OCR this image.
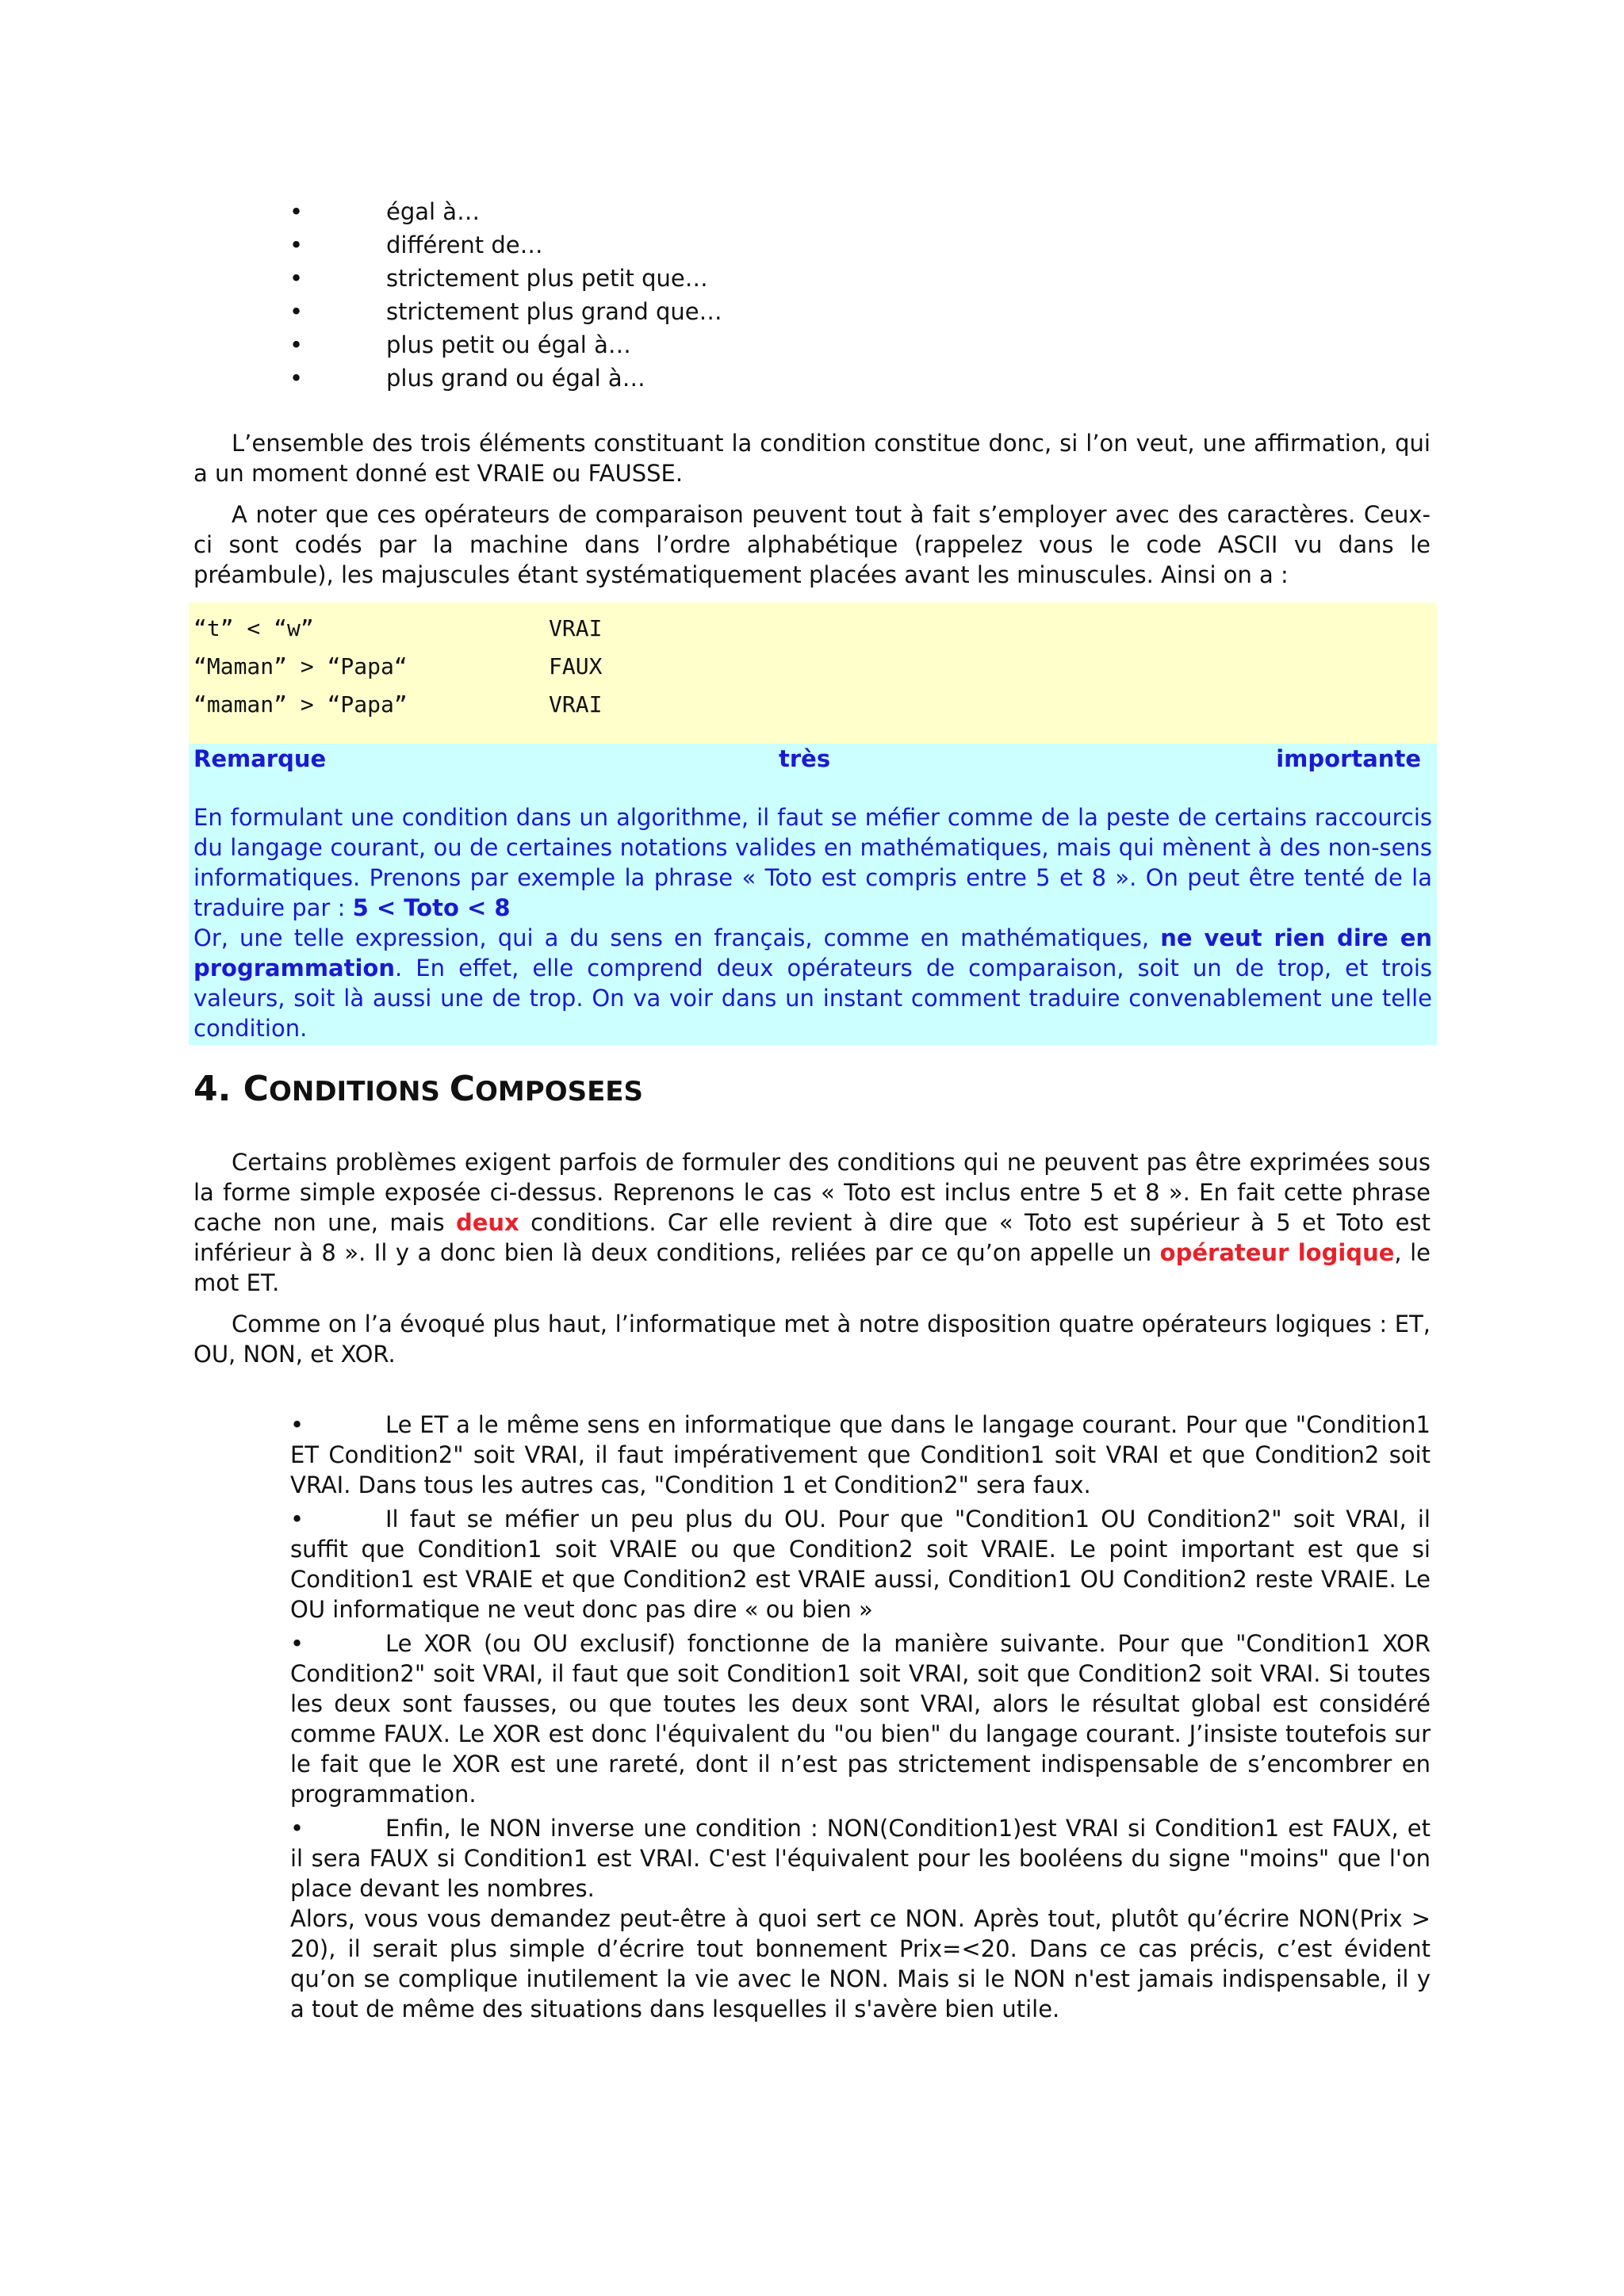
•	égal à…
•	différent de…
•	strictement plus petit que…
•	strictement plus grand que…
•	plus petit ou égal à…
•	plus grand ou égal à…

L’ensemble des trois éléments constituant la condition constitue donc, si l’on veut, une affirmation, qui a un moment donné est VRAIE ou FAUSSE.

A noter que ces opérateurs de comparaison peuvent tout à fait s’employer avec des caractères. Ceux-ci sont codés par la machine dans l’ordre alphabétique (rappelez vous le code ASCII vu dans le préambule), les majuscules étant systématiquement placées avant les minuscules. Ainsi on a :

“t” < “w”	VRAI
“Maman” > “Papa“	FAUX
“maman” > “Papa”	VRAI
Remarque	très	importante
En formulant une condition dans un algorithme, il faut se méfier comme de la peste de certains raccourcis du langage courant, ou de certaines notations valides en mathématiques, mais qui mènent à des non-sens informatiques. Prenons par exemple la phrase « Toto est compris entre 5 et 8 ». On peut être tenté de la traduire par : 5 < Toto < 8
Or, une telle expression, qui a du sens en français, comme en mathématiques, ne veut rien dire en programmation. En effet, elle comprend deux opérateurs de comparaison, soit un de trop, et trois valeurs, soit là aussi une de trop. On va voir dans un instant comment traduire convenablement une telle condition.
4. CONDITIONS COMPOSEES

Certains problèmes exigent parfois de formuler des conditions qui ne peuvent pas être exprimées sous la forme simple exposée ci-dessus. Reprenons le cas « Toto est inclus entre 5 et 8 ». En fait cette phrase cache non une, mais deux conditions. Car elle revient à dire que « Toto est supérieur à 5 et Toto est inférieur à 8 ». Il y a donc bien là deux conditions, reliées par ce qu’on appelle un opérateur logique, le mot ET.

Comme on l’a évoqué plus haut, l’informatique met à notre disposition quatre opérateurs logiques : ET, OU, NON, et XOR.

•	Le ET a le même sens en informatique que dans le langage courant. Pour que "Condition1 ET Condition2" soit VRAI, il faut impérativement que Condition1 soit VRAI et que Condition2 soit VRAI. Dans tous les autres cas, "Condition 1 et Condition2" sera faux.
•	Il faut se méfier un peu plus du OU. Pour que "Condition1 OU Condition2" soit VRAI, il suffit que Condition1 soit VRAIE ou que Condition2 soit VRAIE. Le point important est que si Condition1 est VRAIE et que Condition2 est VRAIE aussi, Condition1 OU Condition2 reste VRAIE. Le OU informatique ne veut donc pas dire « ou bien »
•	Le XOR (ou OU exclusif) fonctionne de la manière suivante. Pour que "Condition1 XOR Condition2" soit VRAI, il faut que soit Condition1 soit VRAI, soit que Condition2 soit VRAI. Si toutes les deux sont fausses, ou que toutes les deux sont VRAI, alors le résultat global est considéré comme FAUX. Le XOR est donc l'équivalent du "ou bien" du langage courant. J’insiste toutefois sur le fait que le XOR est une rareté, dont il n’est pas strictement indispensable de s’encombrer en programmation.
•	Enfin, le NON inverse une condition : NON(Condition1)est VRAI si Condition1 est FAUX, et il sera FAUX si Condition1 est VRAI. C'est l'équivalent pour les booléens du signe "moins" que l'on place devant les nombres.
Alors, vous vous demandez peut-être à quoi sert ce NON. Après tout, plutôt qu’écrire NON(Prix > 20), il serait plus simple d’écrire tout bonnement Prix=<20. Dans ce cas précis, c’est évident qu’on se complique inutilement la vie avec le NON. Mais si le NON n'est jamais indispensable, il y a tout de même des situations dans lesquelles il s'avère bien utile.
